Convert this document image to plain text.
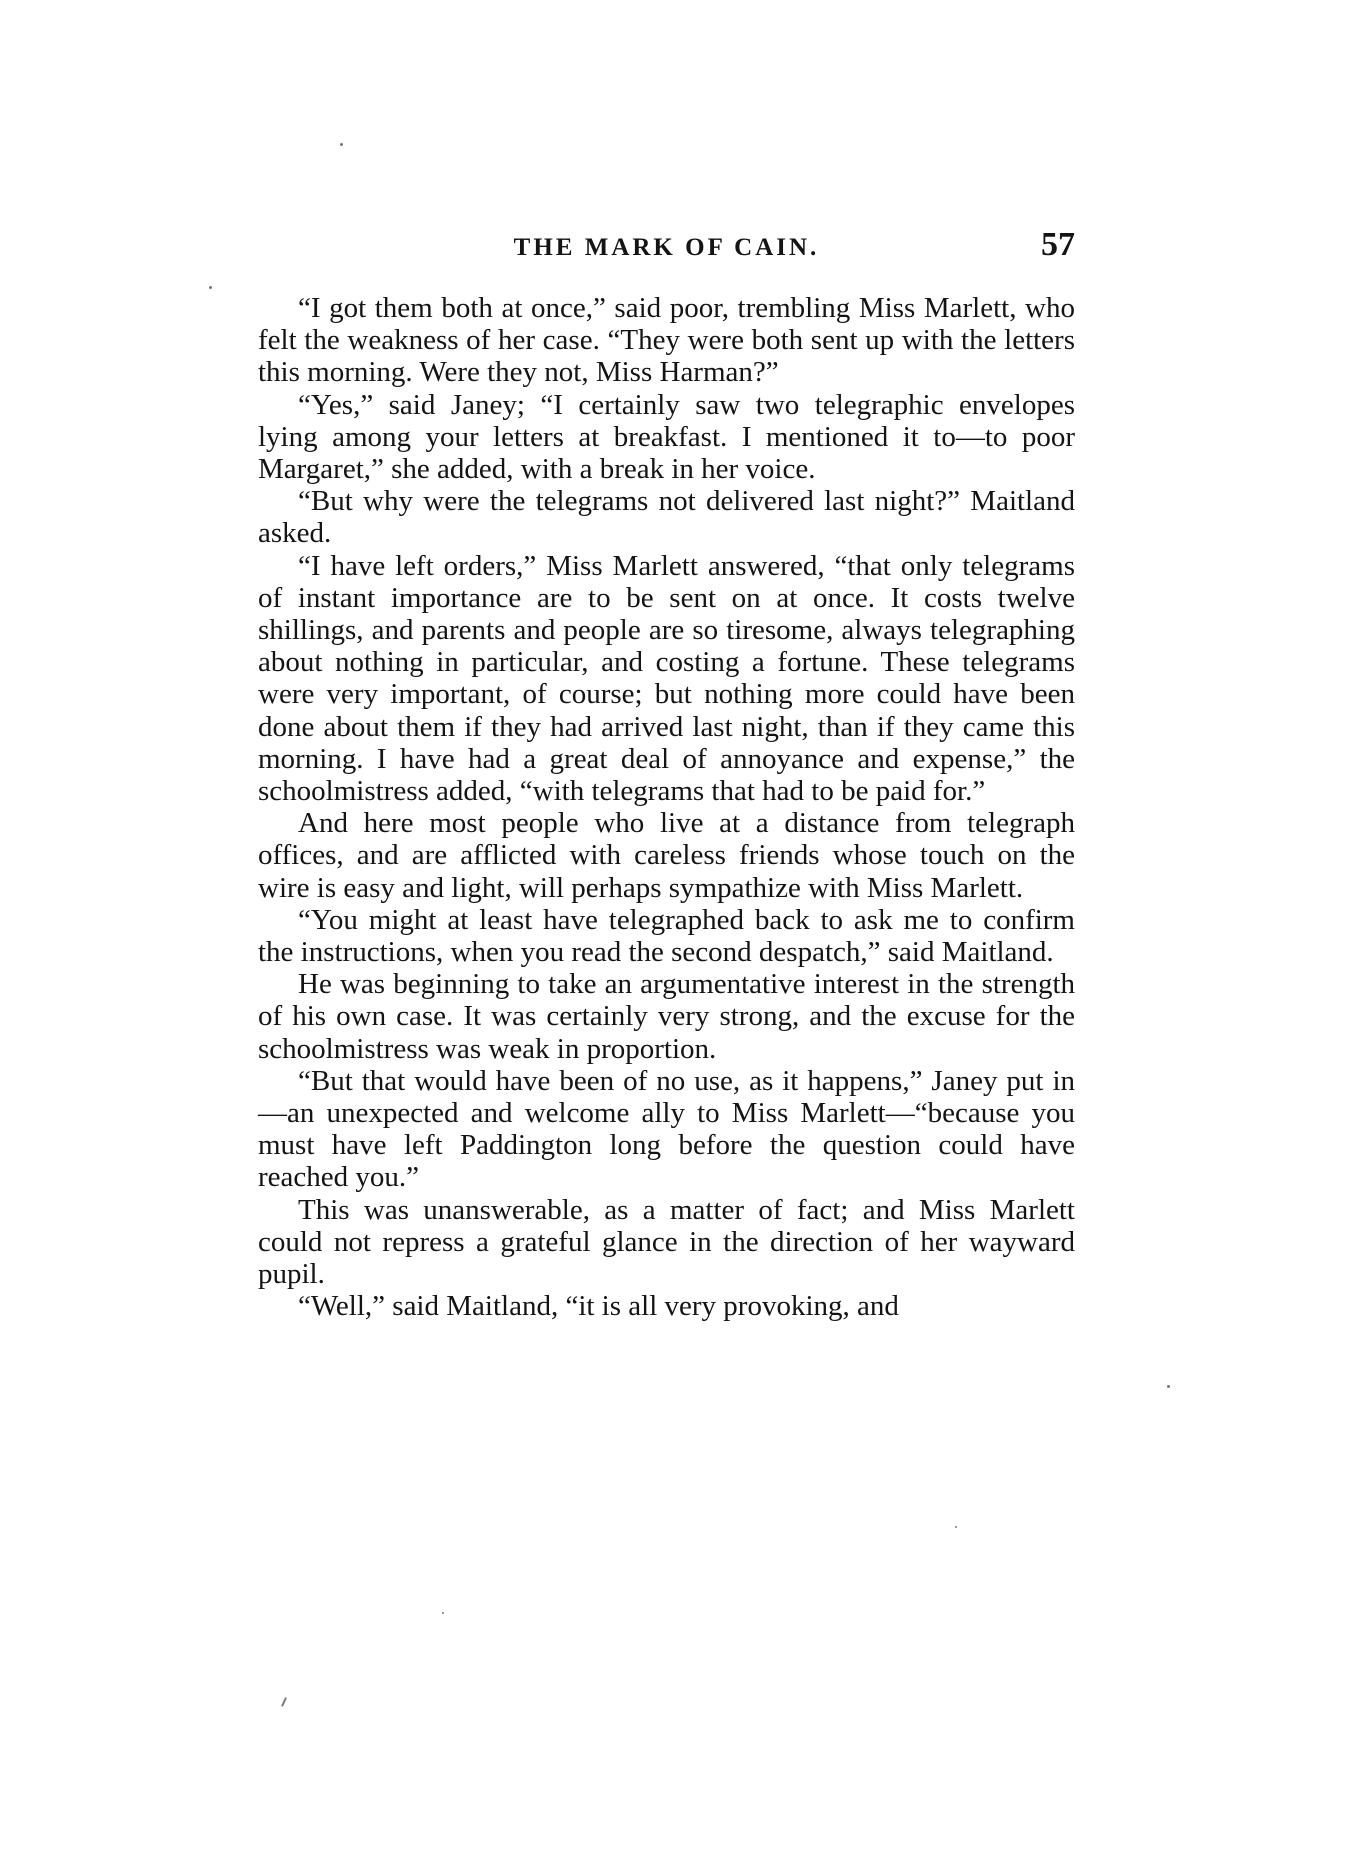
THE MARK OF CAIN.	57

“I got them both at once,” said poor, trembling Miss Marlett, who felt the weakness of her case. “They were both sent up with the letters this morning. Were they not, Miss Harman?”

“Yes,” said Janey; “I certainly saw two telegraphic envelopes lying among your letters at breakfast. I mentioned it to—to poor Margaret,” she added, with a break in her voice.

“But why were the telegrams not delivered last night?” Maitland asked.

“I have left orders,” Miss Marlett answered, “that only telegrams of instant importance are to be sent on at once. It costs twelve shillings, and parents and people are so tiresome, always telegraphing about nothing in particular, and costing a fortune. These telegrams were very important, of course; but nothing more could have been done about them if they had arrived last night, than if they came this morning. I have had a great deal of annoyance and expense,” the schoolmistress added, “with telegrams that had to be paid for.”

And here most people who live at a distance from telegraph offices, and are afflicted with careless friends whose touch on the wire is easy and light, will perhaps sympathize with Miss Marlett.

“You might at least have telegraphed back to ask me to confirm the instructions, when you read the second despatch,” said Maitland.

He was beginning to take an argumentative interest in the strength of his own case. It was certainly very strong, and the excuse for the schoolmistress was weak in proportion.

“But that would have been of no use, as it happens,” Janey put in—an unexpected and welcome ally to Miss Marlett—“because you must have left Paddington long before the question could have reached you.”

This was unanswerable, as a matter of fact; and Miss Marlett could not repress a grateful glance in the direction of her wayward pupil.

“Well,” said Maitland, “it is all very provoking, and
